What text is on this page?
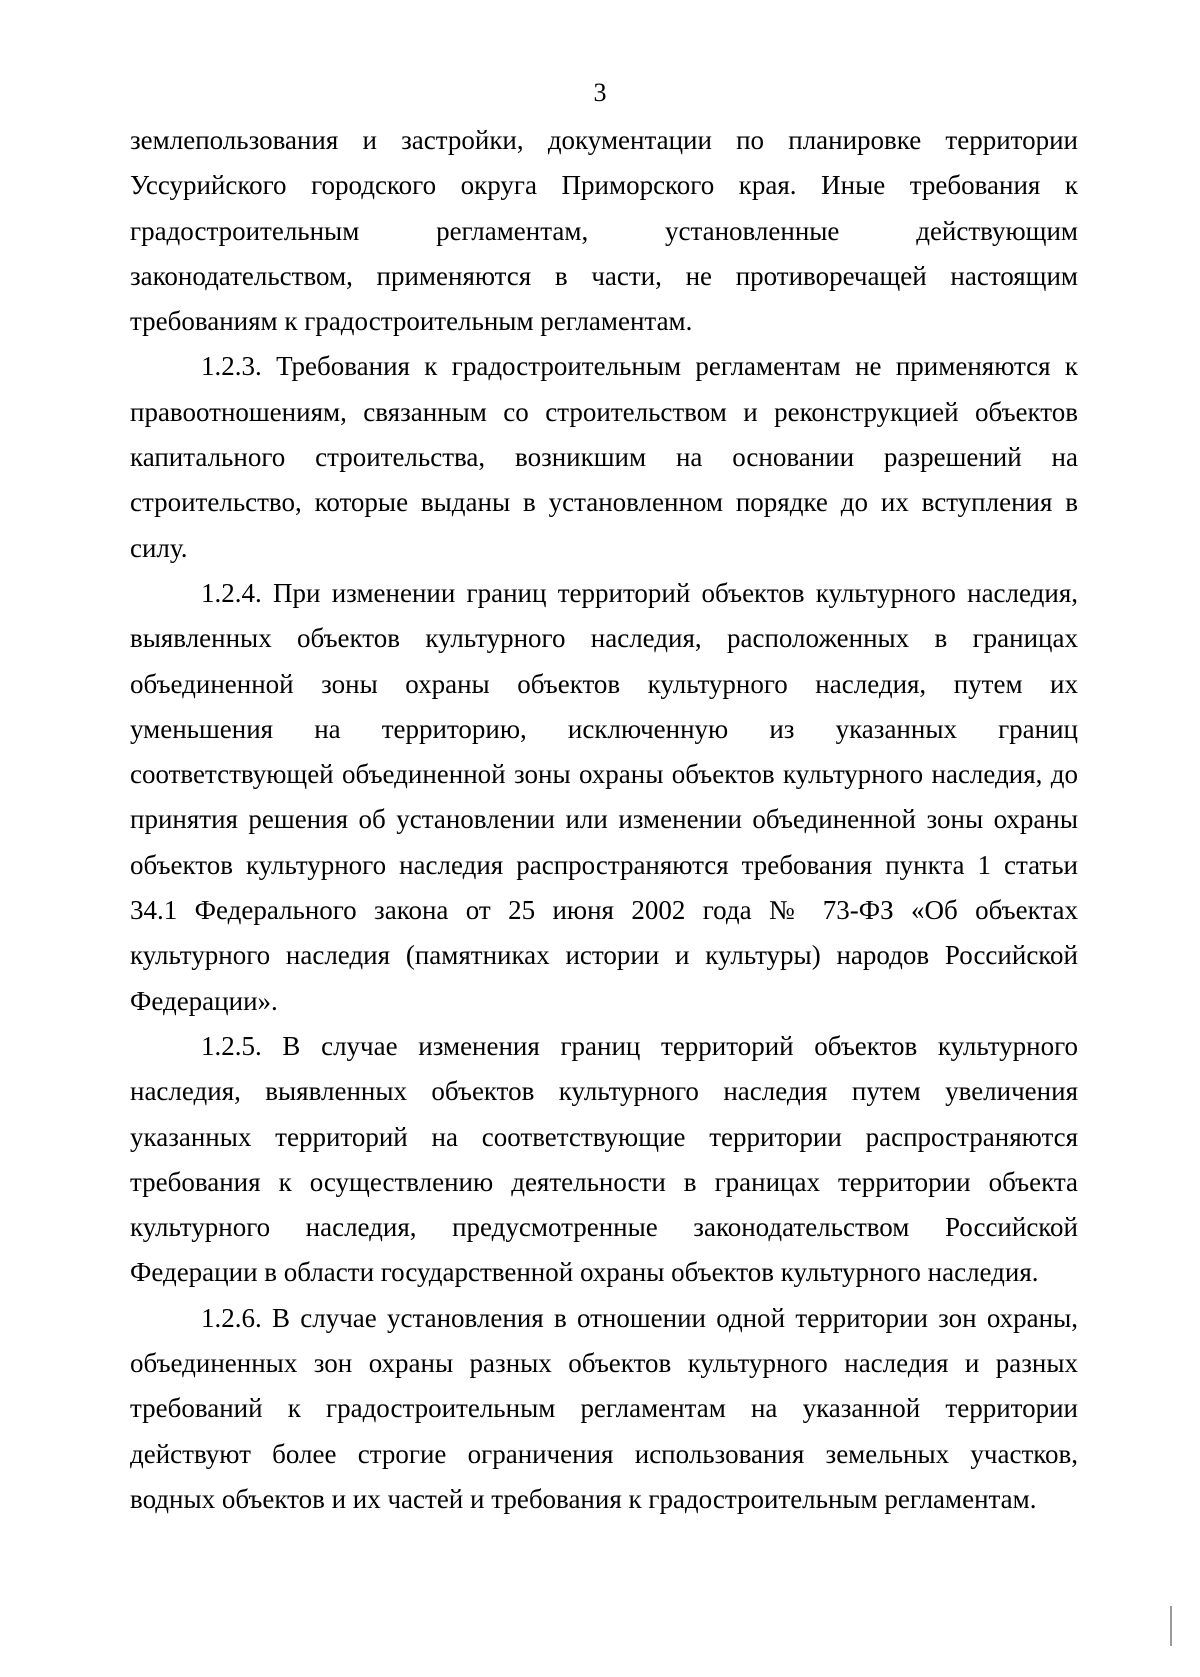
3

землепользования и застройки, документации по планировке территории Уссурийского городского округа Приморского края. Иные требования к градостроительным регламентам, установленные действующим законодательством, применяются в части, не противоречащей настоящим требованиям к градостроительным регламентам.

1.2.3. Требования к градостроительным регламентам не применяются к правоотношениям, связанным со строительством и реконструкцией объектов капитального строительства, возникшим на основании разрешений на строительство, которые выданы в установленном порядке до их вступления в силу.

1.2.4. При изменении границ территорий объектов культурного наследия, выявленных объектов культурного наследия, расположенных в границах объединенной зоны охраны объектов культурного наследия, путем их уменьшения на территорию, исключенную из указанных границ соответствующей объединенной зоны охраны объектов культурного наследия, до принятия решения об установлении или изменении объединенной зоны охраны объектов культурного наследия распространяются требования пункта 1 статьи 34.1 Федерального закона от 25 июня 2002 года № 73-ФЗ «Об объектах культурного наследия (памятниках истории и культуры) народов Российской Федерации».

1.2.5. В случае изменения границ территорий объектов культурного наследия, выявленных объектов культурного наследия путем увеличения указанных территорий на соответствующие территории распространяются требования к осуществлению деятельности в границах территории объекта культурного наследия, предусмотренные законодательством Российской Федерации в области государственной охраны объектов культурного наследия.

1.2.6. В случае установления в отношении одной территории зон охраны, объединенных зон охраны разных объектов культурного наследия и разных требований к градостроительным регламентам на указанной территории действуют более строгие ограничения использования земельных участков, водных объектов и их частей и требования к градостроительным регламентам.
